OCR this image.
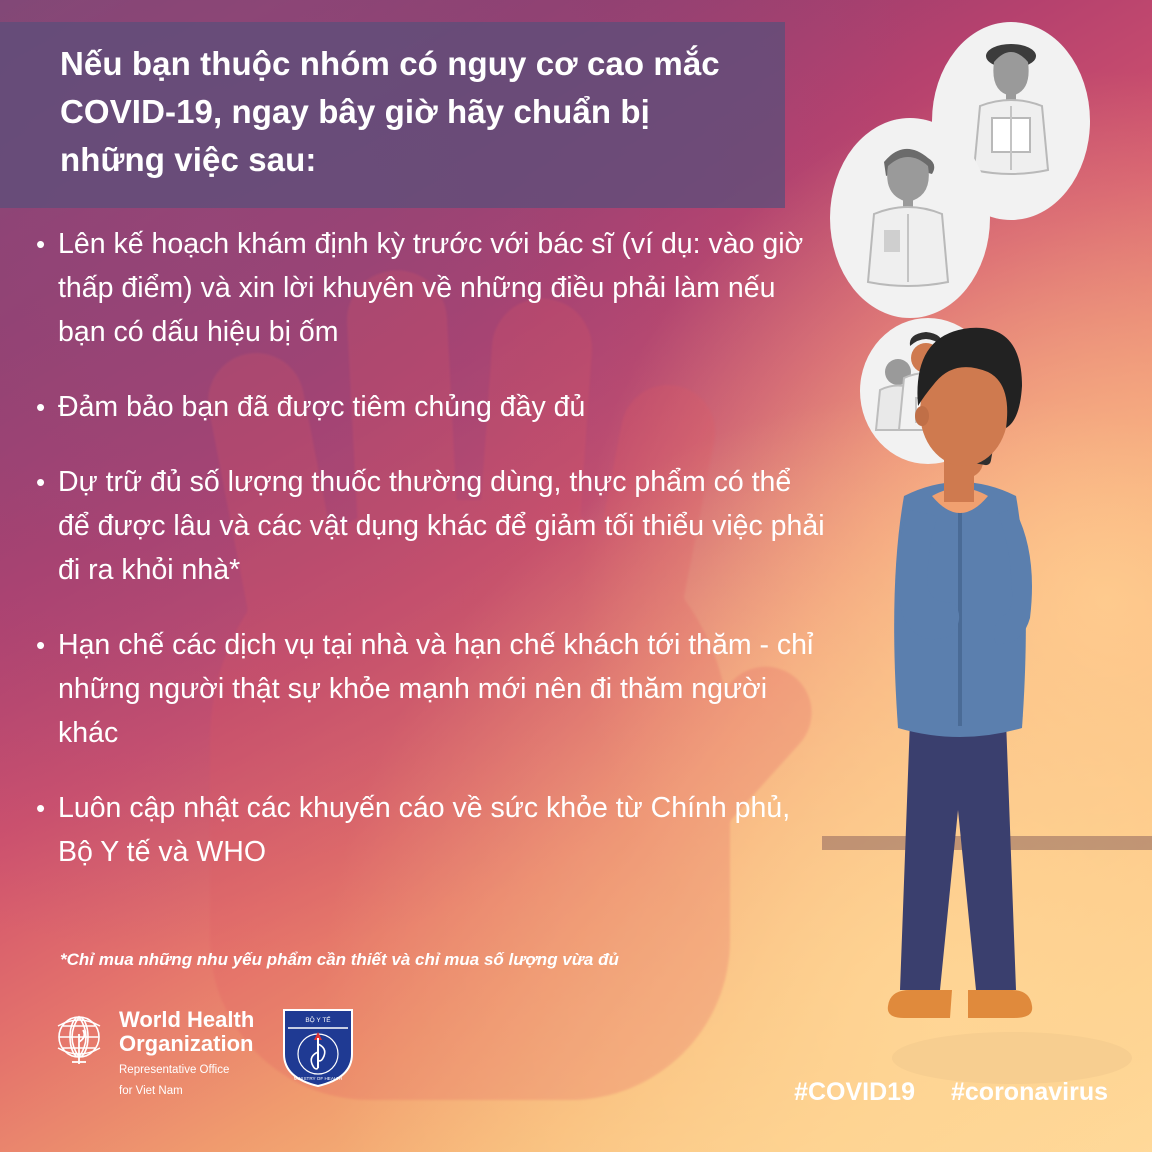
Nếu bạn thuộc nhóm có nguy cơ cao mắc COVID-19, ngay bây giờ hãy chuẩn bị những việc sau:
• Lên kế hoạch khám định kỳ trước với bác sĩ (ví dụ: vào giờ thấp điểm) và xin lời khuyên về những điều phải làm nếu bạn có dấu hiệu bị ốm
• Đảm bảo bạn đã được tiêm chủng đầy đủ
• Dự trữ đủ số lượng thuốc thường dùng, thực phẩm có thể để được lâu và các vật dụng khác để giảm tối thiểu việc phải đi ra khỏi nhà*
• Hạn chế các dịch vụ tại nhà và hạn chế khách tới thăm - chỉ những người thật sự khỏe mạnh mới nên đi thăm người khác
• Luôn cập nhật các khuyến cáo về sức khỏe từ Chính phủ, Bộ Y tế và WHO
*Chỉ mua những nhu yếu phẩm cần thiết và chỉ mua số lượng vừa đủ
World Health
Organization
Representative Office
for Viet Nam
BỘ Y TẾ
MINISTRY OF HEALTH	#COVID19 #coronavirus
